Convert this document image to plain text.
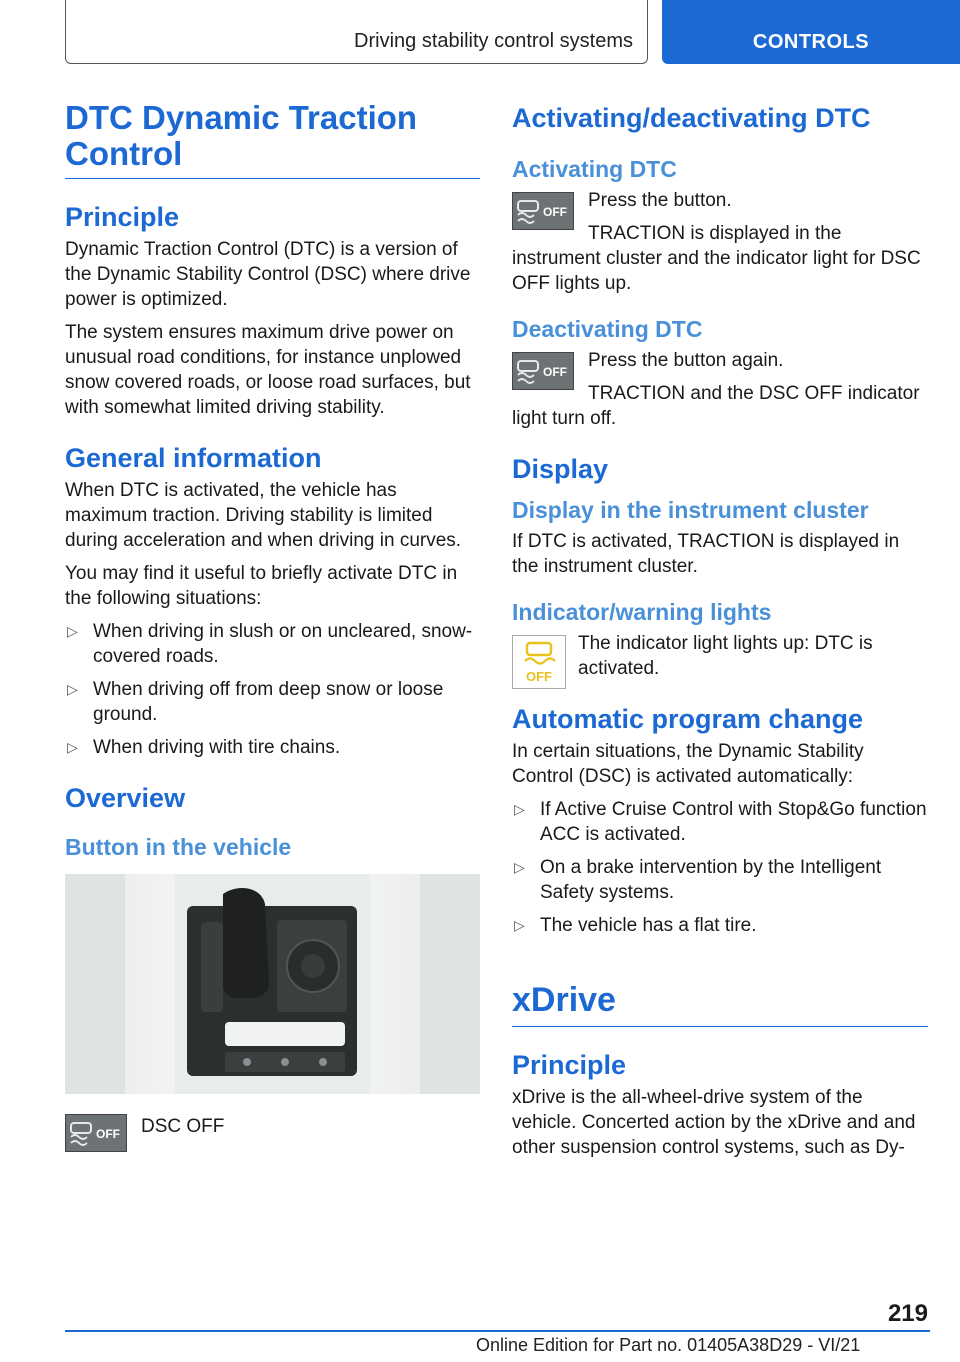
Driving stability control systems	CONTROLS
DTC Dynamic Traction Control
Principle

Dynamic Traction Control (DTC) is a version of the Dynamic Stability Control (DSC) where drive power is optimized.

The system ensures maximum drive power on unusual road conditions, for instance unplowed snow covered roads, or loose road surfaces, but with somewhat limited driving stability.

General information

When DTC is activated, the vehicle has maximum traction. Driving stability is limited during acceleration and when driving in curves.

You may find it useful to briefly activate DTC in the following situations:

▷ When driving in slush or on uncleared, snow-covered roads.
▷ When driving off from deep snow or loose ground.
▷ When driving with tire chains.
Overview
Button in the vehicle
OFF	DSC OFF

Activating/deactivating DTC
Activating DTC
OFF

Press the button.

TRACTION is displayed in the instrument cluster and the indicator light for DSC OFF lights up.

Deactivating DTC
OFF

Press the button again.

TRACTION and the DSC OFF indicator light turn off.

Display
Display in the instrument cluster

If DTC is activated, TRACTION is displayed in the instrument cluster.

Indicator/warning lights
OFF

The indicator light lights up: DTC is activated.

Automatic program change

In certain situations, the Dynamic Stability Control (DSC) is activated automatically:

▷ If Active Cruise Control with Stop&Go function ACC is activated.
▷ On a brake intervention by the Intelligent Safety systems.
▷ The vehicle has a flat tire.
xDrive
Principle

xDrive is the all-wheel-drive system of the vehicle. Concerted action by the xDrive and and other suspension control systems, such as Dy-

219
Online Edition for Part no. 01405A38D29 - VI/21
